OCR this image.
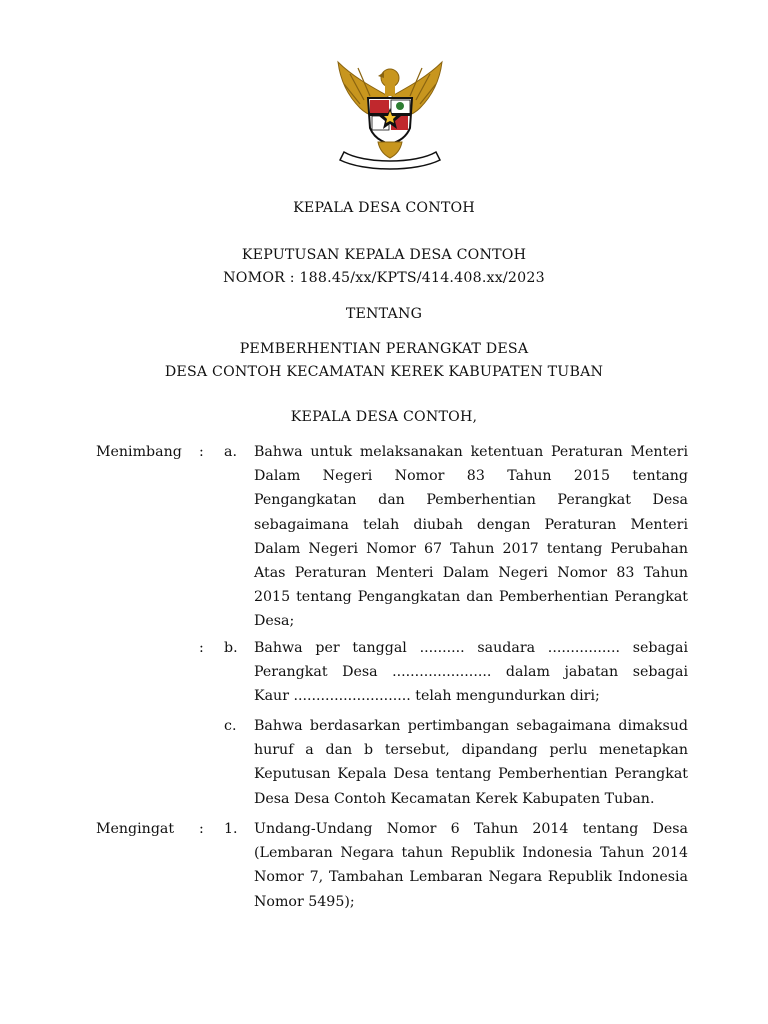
KEPALA DESA CONTOH
KEPUTUSAN KEPALA DESA CONTOH
NOMOR : 188.45/xx/KPTS/414.408.xx/2023
TENTANG
PEMBERHENTIAN PERANGKAT DESA
DESA CONTOH KECAMATAN KEREK KABUPATEN TUBAN
KEPALA DESA CONTOH,
Menimbang : a. Bahwa untuk melaksanakan ketentuan Peraturan Menteri
Dalam Negeri Nomor 83 Tahun 2015 tentang
Pengangkatan dan Pemberhentian Perangkat Desa
sebagaimana telah diubah dengan Peraturan Menteri
Dalam Negeri Nomor 67 Tahun 2017 tentang Perubahan
Atas Peraturan Menteri Dalam Negeri Nomor 83 Tahun
2015 tentang Pengangkatan dan Pemberhentian Perangkat
Desa;
: b. Bahwa per tanggal .......... saudara ................ sebagai
Perangkat Desa ...................... dalam jabatan sebagai
Kaur .......................... telah mengundurkan diri;
c. Bahwa berdasarkan pertimbangan sebagaimana dimaksud
huruf a dan b tersebut, dipandang perlu menetapkan
Keputusan Kepala Desa tentang Pemberhentian Perangkat
Desa Desa Contoh Kecamatan Kerek Kabupaten Tuban.
Mengingat : 1. Undang-Undang Nomor 6 Tahun 2014 tentang Desa
(Lembaran Negara tahun Republik Indonesia Tahun 2014
Nomor 7, Tambahan Lembaran Negara Republik Indonesia
Nomor 5495);
